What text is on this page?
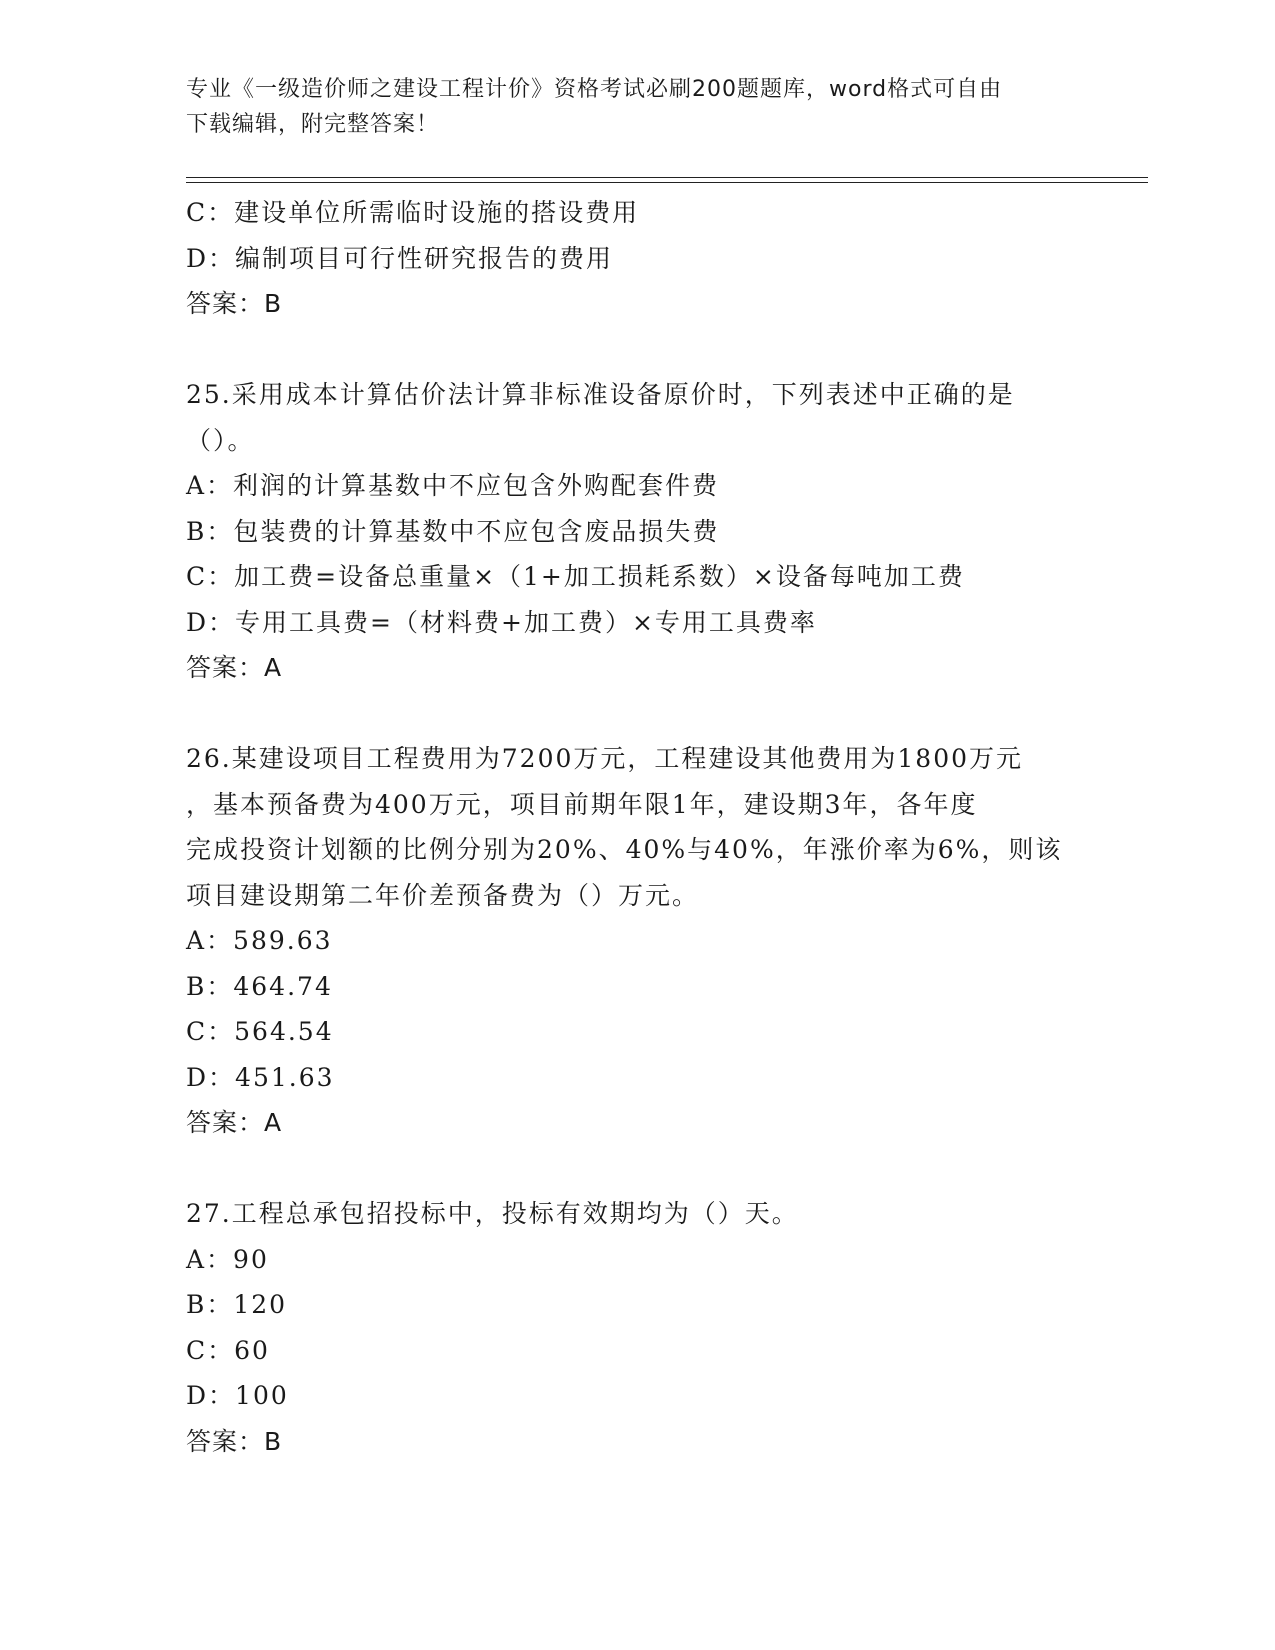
专业《一级造价师之建设工程计价》资格考试必刷200题题库，word格式可自由
下载编辑，附完整答案！

C：建设单位所需临时设施的搭设费用

D：编制项目可行性研究报告的费用

答案：B

25.采用成本计算估价法计算非标准设备原价时，下列表述中正确的是

（）。

A：利润的计算基数中不应包含外购配套件费

B：包装费的计算基数中不应包含废品损失费

C：加工费=设备总重量×（1+加工损耗系数）×设备每吨加工费

D：专用工具费=（材料费+加工费）×专用工具费率

答案：A

26.某建设项目工程费用为7200万元，工程建设其他费用为1800万元

，基本预备费为400万元，项目前期年限1年，建设期3年，各年度

完成投资计划额的比例分别为20%、40%与40%，年涨价率为6%，则该

项目建设期第二年价差预备费为（）万元。

A：589.63

B：464.74

C：564.54

D：451.63

答案：A

27.工程总承包招投标中，投标有效期均为（）天。

A：90

B：120

C：60

D：100

答案：B
